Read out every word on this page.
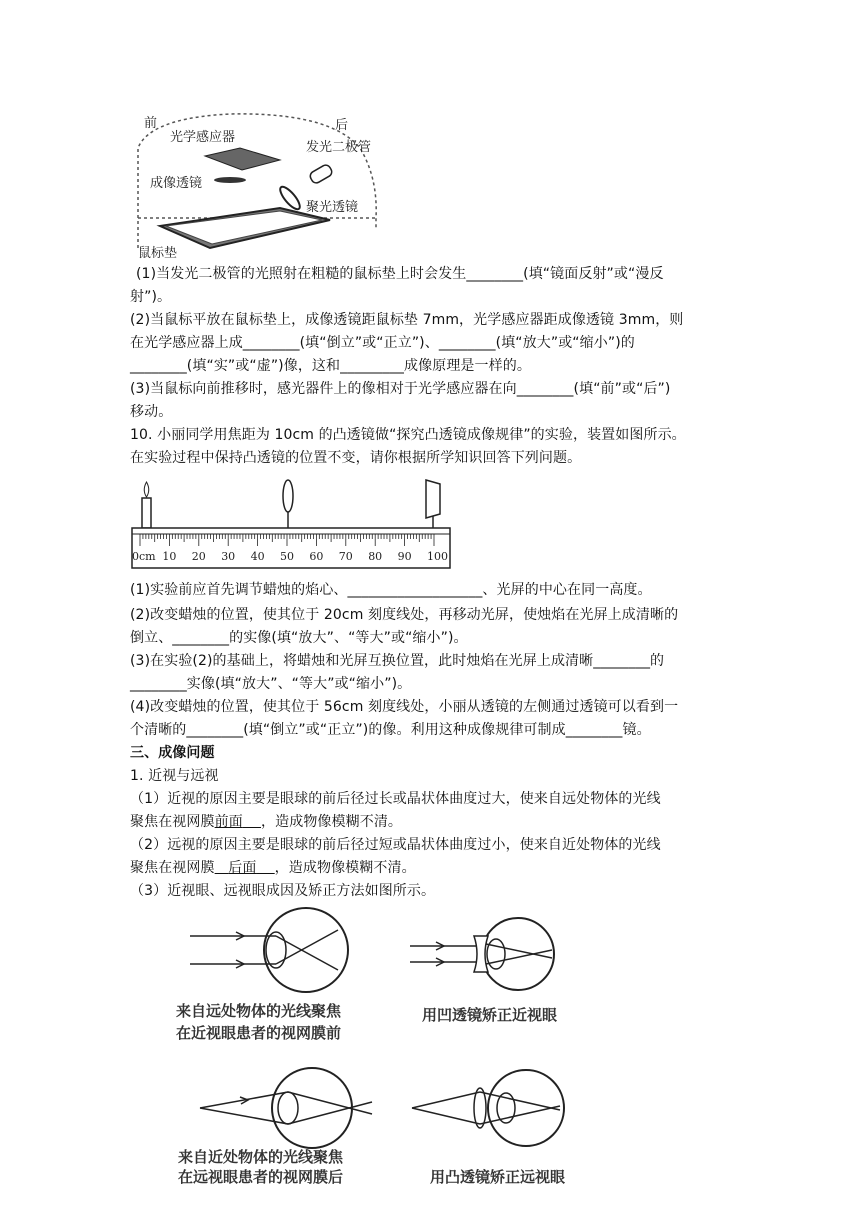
前	后
光学感应器
发光二极管
成像透镜
聚光透镜
鼠标垫
(1)当发光二极管的光照射在粗糙的鼠标垫上时会发生________(填“镜面反射”或“漫反
射”)。
(2)当鼠标平放在鼠标垫上，成像透镜距鼠标垫 7mm，光学感应器距成像透镜 3mm，则
在光学感应器上成________(填“倒立”或“正立”)、________(填“放大”或“缩小”)的
________(填“实”或“虚”)像，这和_________成像原理是一样的。
(3)当鼠标向前推移时，感光器件上的像相对于光学感应器在向________(填“前”或“后”)
移动。
10. 小丽同学用焦距为 10cm 的凸透镜做“探究凸透镜成像规律”的实验，装置如图所示。
在实验过程中保持凸透镜的位置不变，请你根据所学知识回答下列问题。
0cm 10 20 30 40 50 60 70 80 90 100
(1)实验前应首先调节蜡烛的焰心、___________________、光屏的中心在同一高度。
(2)改变蜡烛的位置，使其位于 20cm 刻度线处，再移动光屏，使烛焰在光屏上成清晰的
倒立、________的实像(填“放大”、“等大”或“缩小”)。
(3)在实验(2)的基础上，将蜡烛和光屏互换位置，此时烛焰在光屏上成清晰________的
________实像(填“放大”、“等大”或“缩小”)。
(4)改变蜡烛的位置，使其位于 56cm 刻度线处，小丽从透镜的左侧通过透镜可以看到一
个清晰的________(填“倒立”或“正立”)的像。利用这种成像规律可制成________镜。
三、成像问题
1. 近视与远视
（1）近视的原因主要是眼球的前后径过长或晶状体曲度过大，使来自远处物体的光线
聚焦在视网膜前面 ，造成物像模糊不清。
（2）远视的原因主要是眼球的前后径过短或晶状体曲度过小，使来自近处物体的光线
聚焦在视网膜 后面 ，造成物像模糊不清。
（3）近视眼、远视眼成因及矫正方法如图所示。
来自远处物体的光线聚焦
在近视眼患者的视网膜前
用凹透镜矫正近视眼
来自近处物体的光线聚焦
在远视眼患者的视网膜后	用凸透镜矫正远视眼
